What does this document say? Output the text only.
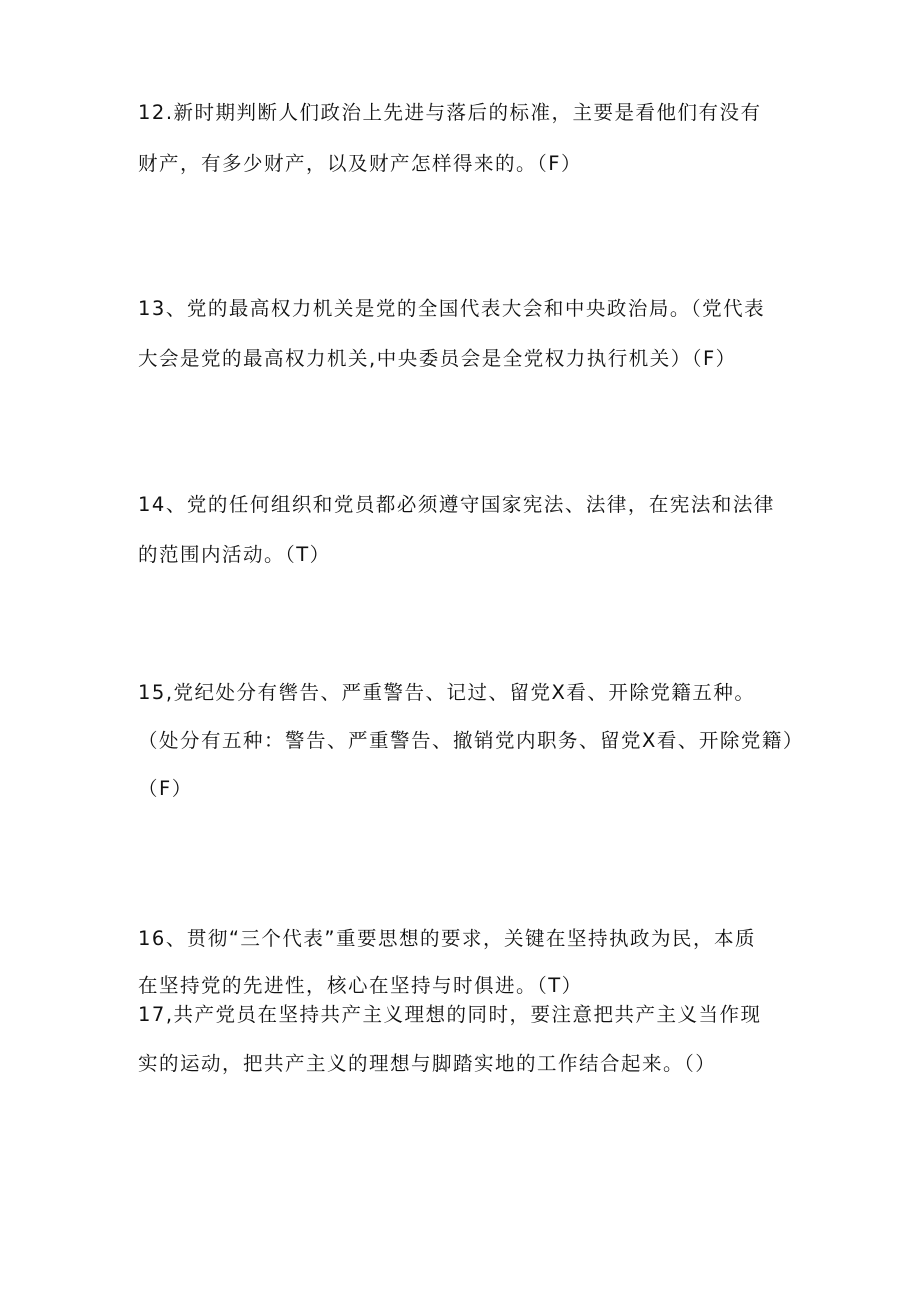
12.新时期判断人们政治上先进与落后的标准，主要是看他们有没有
财产，有多少财产，以及财产怎样得来的。（F）
13、党的最高权力机关是党的全国代表大会和中央政治局。（党代表
大会是党的最高权力机关,中央委员会是全党权力执行机关）（F）
14、党的任何组织和党员都必须遵守国家宪法、法律，在宪法和法律
的范围内活动。（T）
15,党纪处分有辔告、严重警告、记过、留党X看、开除党籍五种。
（处分有五种：警告、严重警告、撤销党内职务、留党X看、开除党籍）
（F）
16、贯彻“三个代表”重要思想的要求，关键在坚持执政为民，本质
在坚持党的先进性，核心在坚持与时俱进。（T）
17,共产党员在坚持共产主义理想的同时，要注意把共产主义当作现
实的运动，把共产主义的理想与脚踏实地的工作结合起来。（）
